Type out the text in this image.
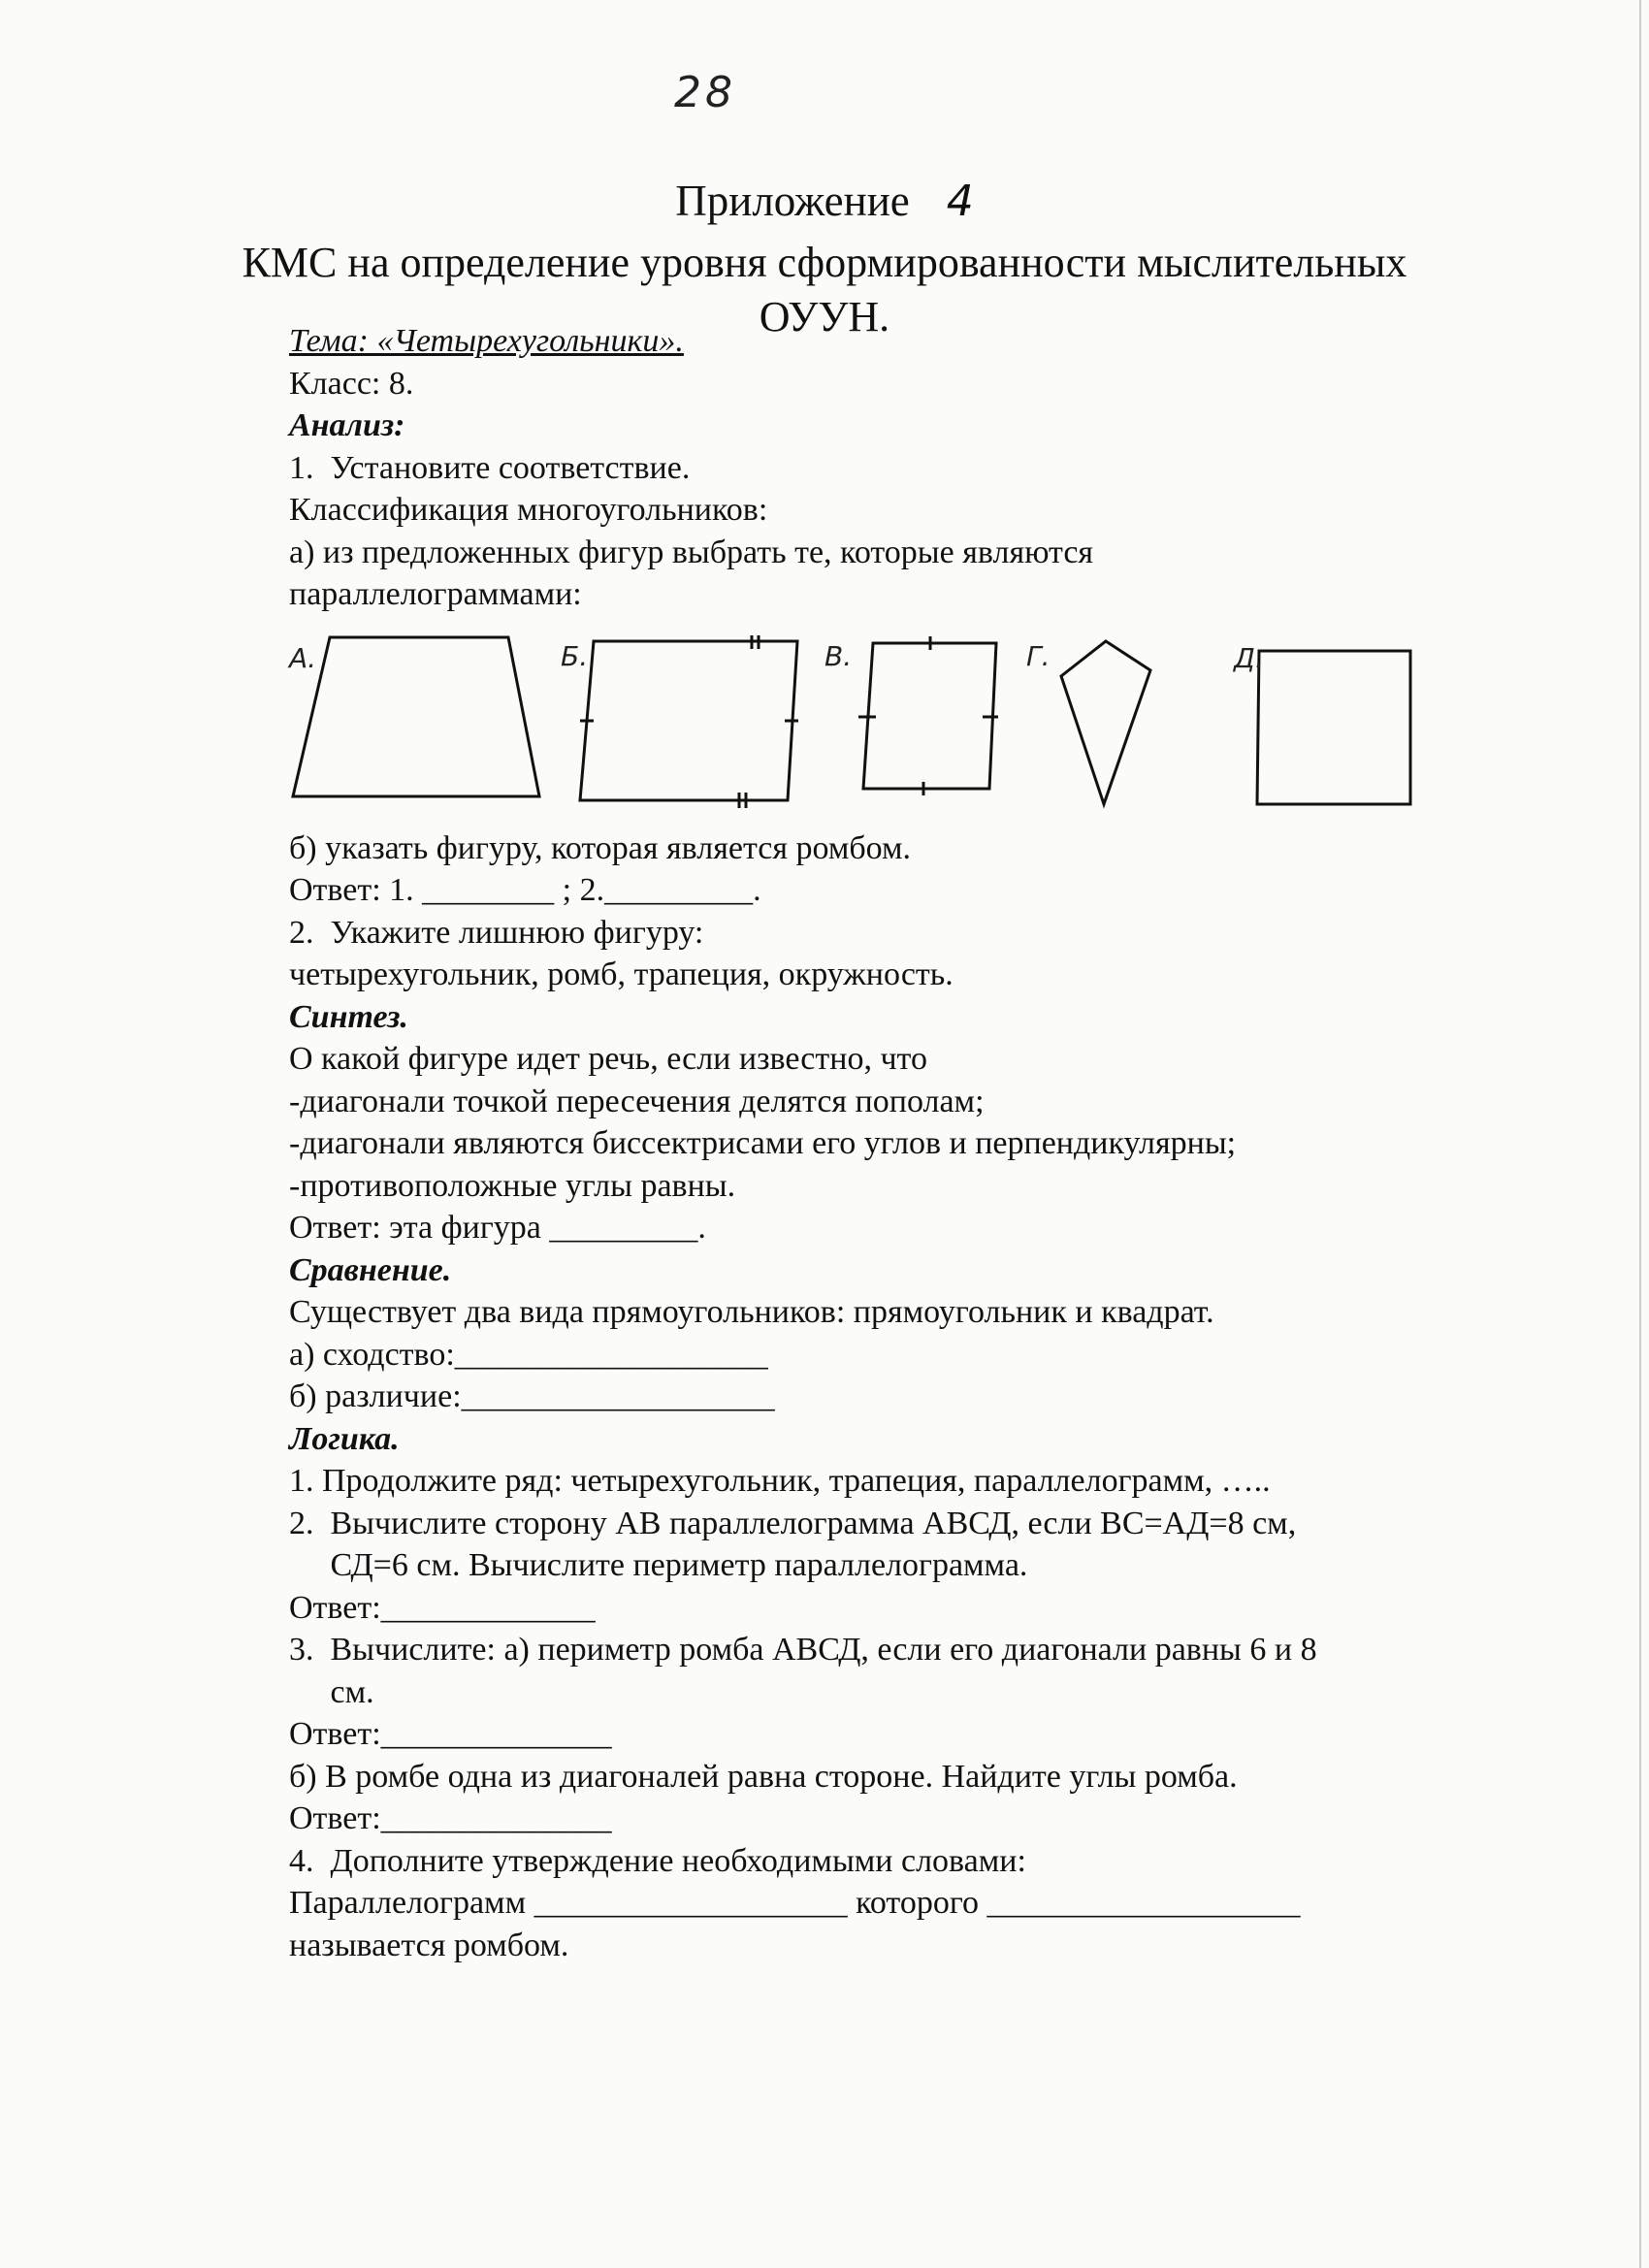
28
Приложение 4
КМС на определение уровня сформированности мыслительных
ОУУН.
Тема: «Четырехугольники».
Класс: 8.
Анализ:
1.  Установите соответствие.
Классификация многоугольников:
а) из предложенных фигур выбрать те, которые являются
параллелограммами:
А.	Б.	В.	Г.	Д.
б) указать фигуру, которая является ромбом.
Ответ: 1. ________ ; 2._________.
2.  Укажите лишнюю фигуру:
четырехугольник, ромб, трапеция, окружность.
Синтез.
О какой фигуре идет речь, если известно, что
-диагонали точкой пересечения делятся пополам;
-диагонали являются биссектрисами его углов и перпендикулярны;
-противоположные углы равны.
Ответ: эта фигура _________.
Сравнение.
Существует два вида прямоугольников: прямоугольник и квадрат.
а) сходство:___________________
б) различие:___________________
Логика.
1. Продолжите ряд: четырехугольник, трапеция, параллелограмм, …..
2.  Вычислите сторону АВ параллелограмма АВСД, если ВС=АД=8 см,
СД=6 см. Вычислите периметр параллелограмма.
Ответ:_____________
3.  Вычислите: а) периметр ромба АВСД, если его диагонали равны 6 и 8
см.
Ответ:______________
б) В ромбе одна из диагоналей равна стороне. Найдите углы ромба.
Ответ:______________
4.  Дополните утверждение необходимыми словами:
Параллелограмм ___________________ которого ___________________
называется ромбом.
